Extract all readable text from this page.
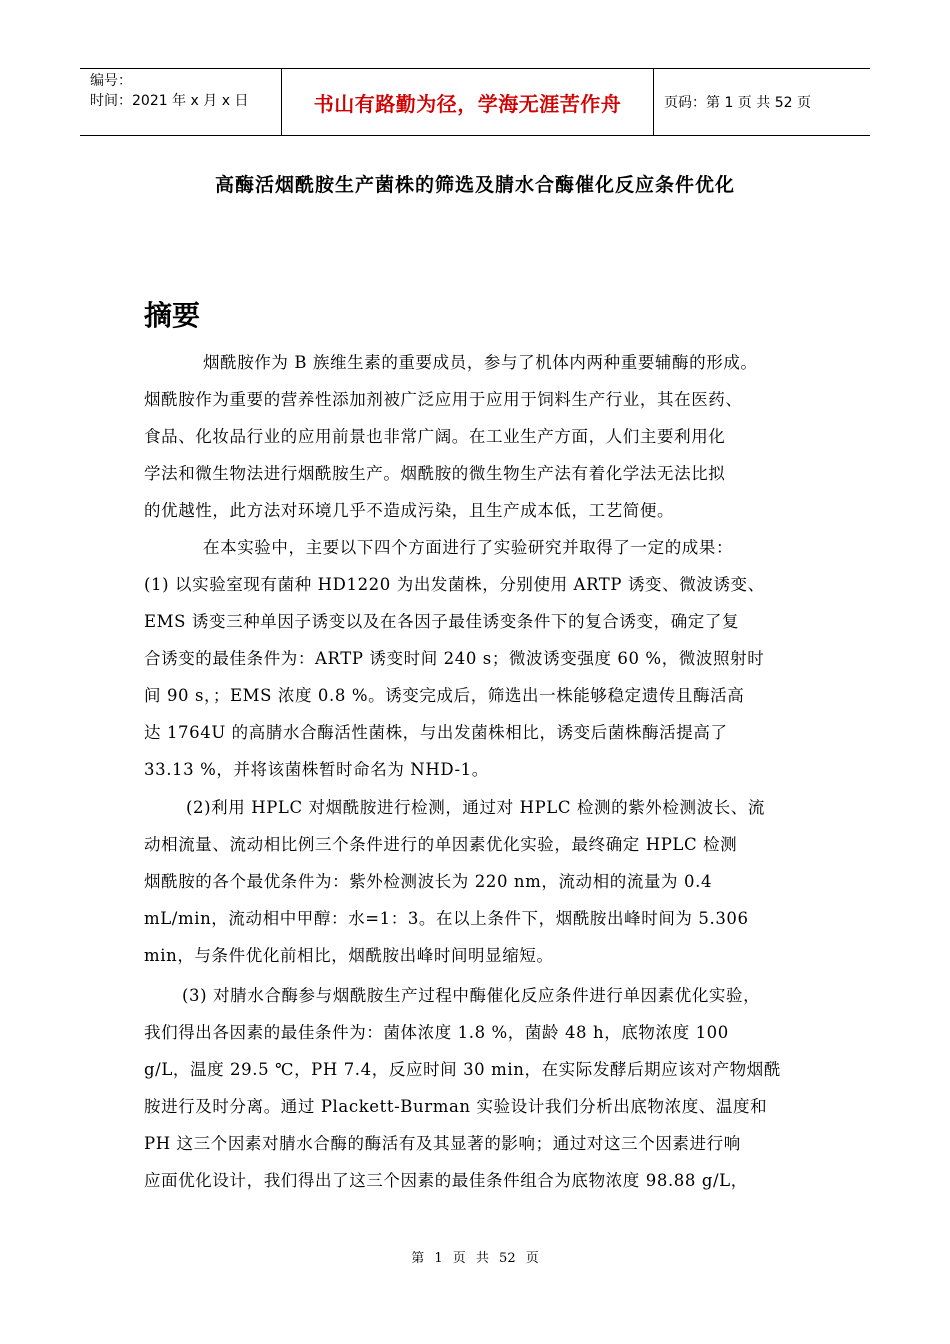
编号：
时间：2021 年 x 月 x 日	书山有路勤为径，学海无涯苦作舟	页码：第 1 页 共 52 页
高酶活烟酰胺生产菌株的筛选及腈水合酶催化反应条件优化
摘要
烟酰胺作为 B 族维生素的重要成员，参与了机体内两种重要辅酶的形成。
烟酰胺作为重要的营养性添加剂被广泛应用于应用于饲料生产行业，其在医药、
食品、化妆品行业的应用前景也非常广阔。在工业生产方面，人们主要利用化
学法和微生物法进行烟酰胺生产。烟酰胺的微生物生产法有着化学法无法比拟
的优越性，此方法对环境几乎不造成污染，且生产成本低，工艺简便。
在本实验中，主要以下四个方面进行了实验研究并取得了一定的成果：
(1) 以实验室现有菌种 HD1220 为出发菌株，分别使用 ARTP 诱变、微波诱变、
EMS 诱变三种单因子诱变以及在各因子最佳诱变条件下的复合诱变，确定了复
合诱变的最佳条件为：ARTP 诱变时间 240 s；微波诱变强度 60 %，微波照射时
间 90 s，；EMS 浓度 0.8 %。诱变完成后，筛选出一株能够稳定遗传且酶活高
达 1764U 的高腈水合酶活性菌株，与出发菌株相比，诱变后菌株酶活提高了
33.13 %，并将该菌株暂时命名为 NHD-1。
(2)利用 HPLC 对烟酰胺进行检测，通过对 HPLC 检测的紫外检测波长、流
动相流量、流动相比例三个条件进行的单因素优化实验，最终确定 HPLC 检测
烟酰胺的各个最优条件为：紫外检测波长为 220 nm，流动相的流量为 0.4
mL/min，流动相中甲醇：水=1：3。在以上条件下，烟酰胺出峰时间为 5.306
min，与条件优化前相比，烟酰胺出峰时间明显缩短。
(3) 对腈水合酶参与烟酰胺生产过程中酶催化反应条件进行单因素优化实验，
我们得出各因素的最佳条件为：菌体浓度 1.8 %，菌龄 48 h，底物浓度 100
g/L，温度 29.5 ℃，PH 7.4，反应时间 30 min，在实际发酵后期应该对产物烟酰
胺进行及时分离。通过 Plackett-Burman 实验设计我们分析出底物浓度、温度和
PH 这三个因素对腈水合酶的酶活有及其显著的影响；通过对这三个因素进行响
应面优化设计，我们得出了这三个因素的最佳条件组合为底物浓度 98.88 g/L，
第 1 页 共 52 页
